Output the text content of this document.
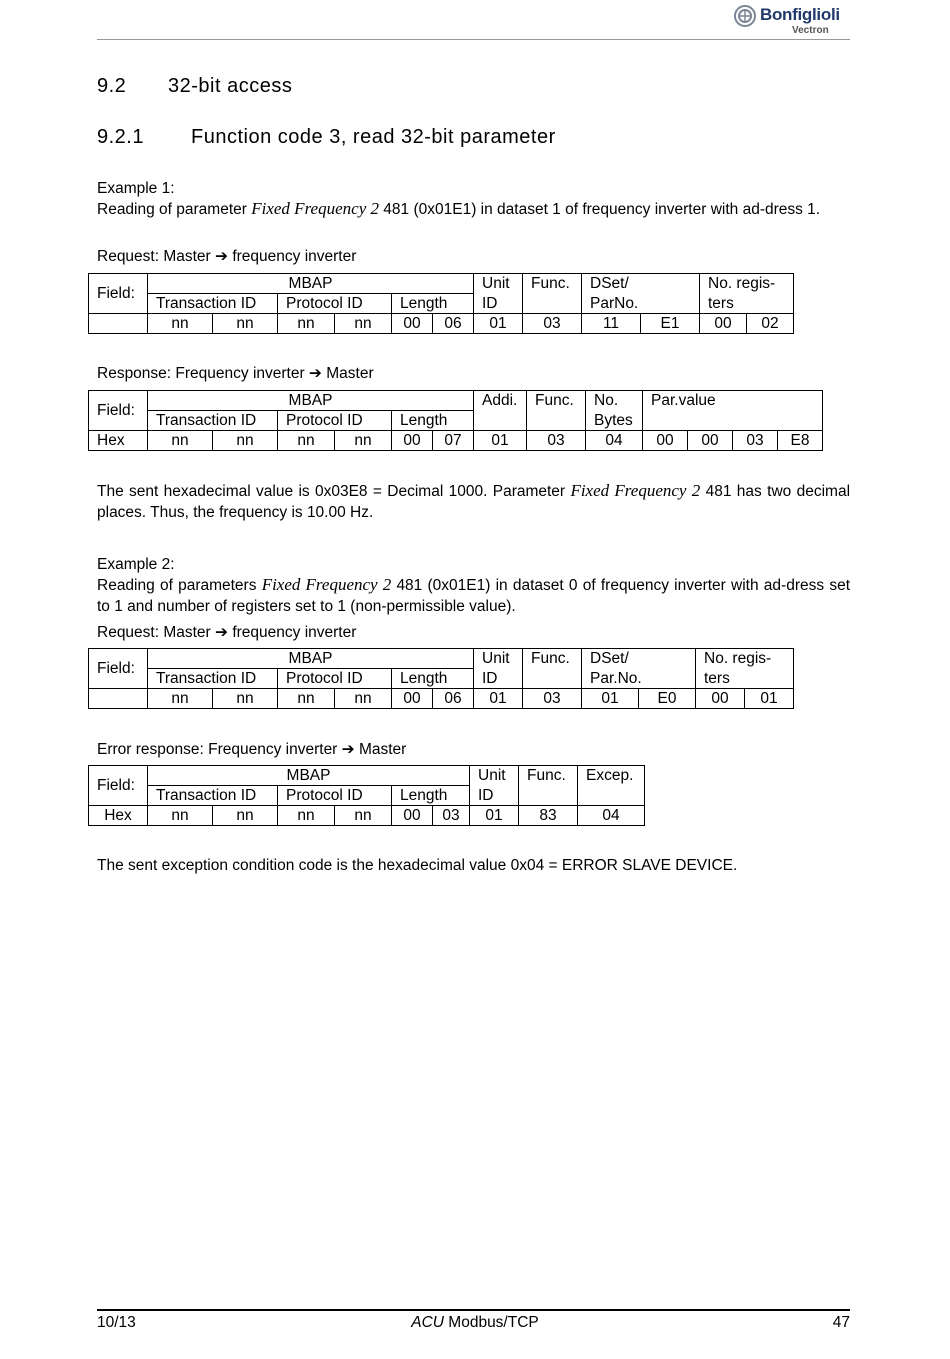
Bonfiglioli
Vectron
9.2 32-bit access
9.2.1 Function code 3, read 32-bit parameter
Example 1:
Reading of parameter Fixed Frequency 2 481 (0x01E1) in dataset 1 of frequency inverter with ad-dress 1.
Request: Master ➔ frequency inverter
Field:	MBAP						Unit	Func.	DSet/		No. regis-	
	Transaction ID		Protocol ID		Length		ID		ParNo.		ters	
	nn	nn	nn	nn	00	06	01	03	11	E1	00	02
Response: Frequency inverter ➔ Master
Field:	MBAP						Addi.	Func.	No.	Par.value			
	Transaction ID		Protocol ID		Length				Bytes				
Hex	nn	nn	nn	nn	00	07	01	03	04	00	00	03	E8
The sent hexadecimal value is 0x03E8 = Decimal 1000. Parameter Fixed Frequency 2 481 has two decimal places. Thus, the frequency is 10.00 Hz.
Example 2:
Reading of parameters Fixed Frequency 2 481 (0x01E1) in dataset 0 of frequency inverter with ad-dress set to 1 and number of registers set to 1 (non-permissible value).
Request: Master ➔ frequency inverter
Field:	MBAP						Unit	Func.	DSet/		No. regis-	
	Transaction ID		Protocol ID		Length		ID		Par.No.		ters	
	nn	nn	nn	nn	00	06	01	03	01	E0	00	01
Error response: Frequency inverter ➔ Master
Field:	MBAP						Unit	Func.	Excep.
	Transaction ID		Protocol ID		Length		ID		
Hex	nn	nn	nn	nn	00	03	01	83	04
The sent exception condition code is the hexadecimal value 0x04 = ERROR SLAVE DEVICE.
10/13	ACU Modbus/TCP	47
